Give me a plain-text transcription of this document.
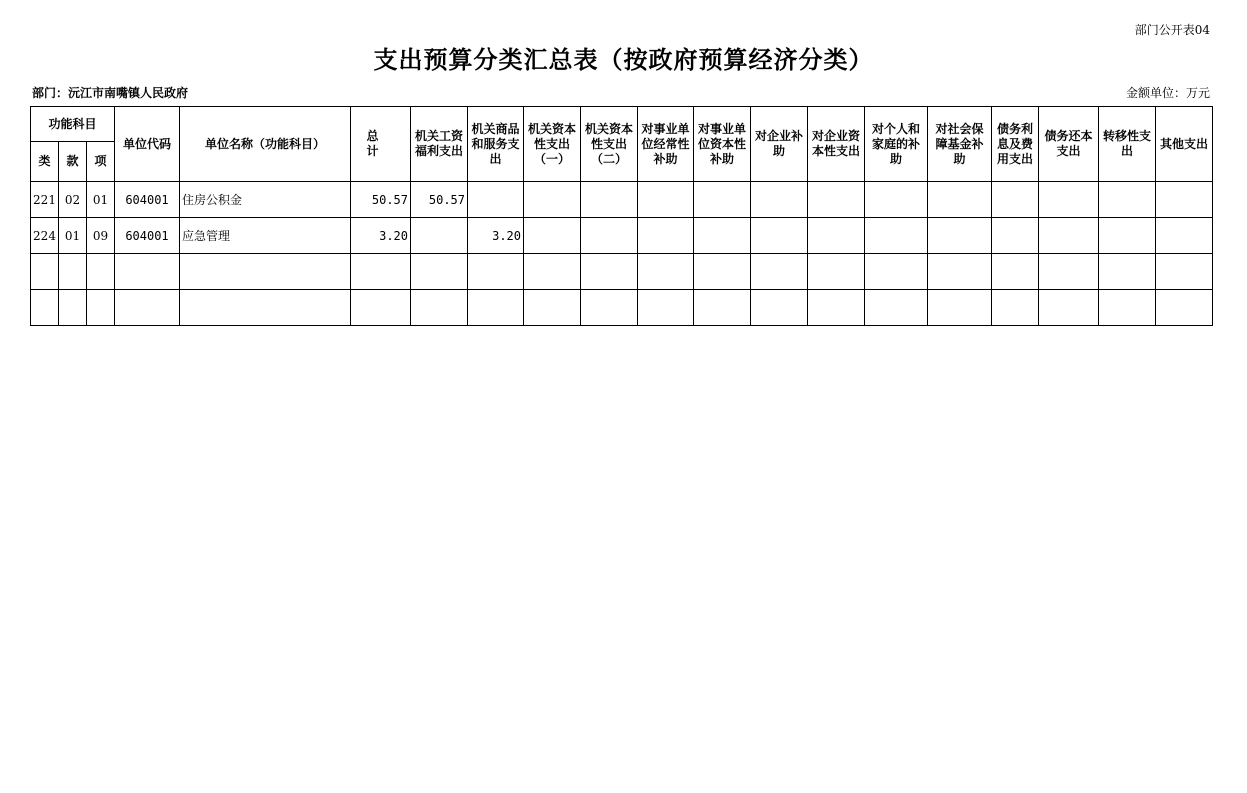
部门公开表04
支出预算分类汇总表（按政府预算经济分类）
部门：沅江市南嘴镇人民政府	金额单位：万元
功能科目			单位代码	单位名称（功能科目）	总 计	机关工资福利支出	机关商品和服务支出	机关资本性支出（一）	机关资本性支出（二）	对事业单位经常性补助	对事业单位资本性补助	对企业补助	对企业资本性支出	对个人和家庭的补助	对社会保障基金补助	债务利息及费用支出	债务还本支出	转移性支出	其他支出
类	款	项																	
221	02	01	604001	住房公积金	50.57	50.57													
224	01	09	604001	应急管理	3.20		3.20												
